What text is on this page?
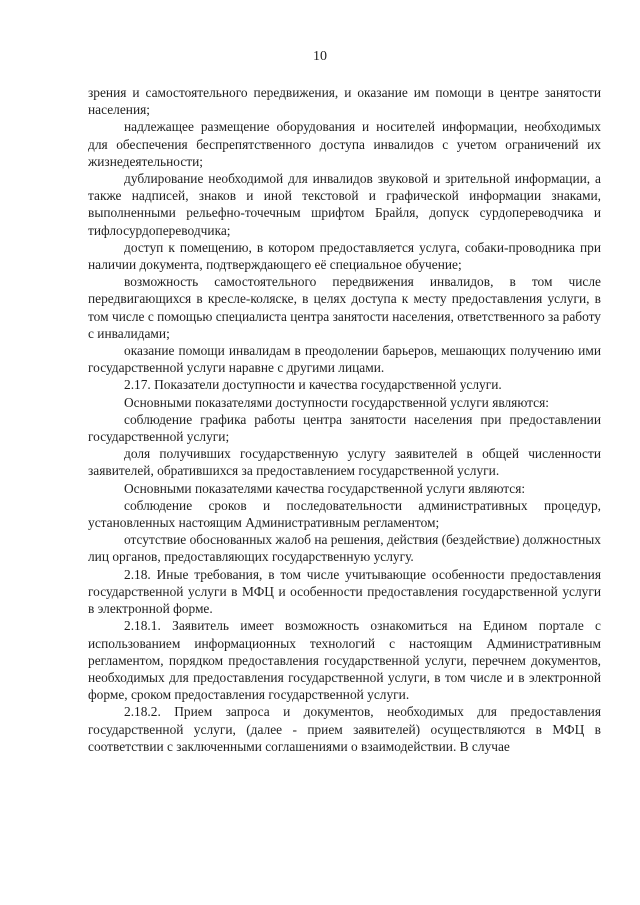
10

зрения и самостоятельного передвижения, и оказание им помощи в центре занятости населения;

надлежащее размещение оборудования и носителей информации, необходимых для обеспечения беспрепятственного доступа инвалидов с учетом ограничений их жизнедеятельности;

дублирование необходимой для инвалидов звуковой и зрительной информации, а также надписей, знаков и иной текстовой и графической информации знаками, выполненными рельефно-точечным шрифтом Брайля, допуск сурдопереводчика и тифлосурдопереводчика;

доступ к помещению, в котором предоставляется услуга, собаки-проводника при наличии документа, подтверждающего её специальное обучение;

возможность самостоятельного передвижения инвалидов, в том числе передвигающихся в кресле-коляске, в целях доступа к месту предоставления услуги, в том числе с помощью специалиста центра занятости населения, ответственного за работу с инвалидами;

оказание помощи инвалидам в преодолении барьеров, мешающих получению ими государственной услуги наравне с другими лицами.

2.17. Показатели доступности и качества государственной услуги.

Основными показателями доступности государственной услуги являются:

соблюдение графика работы центра занятости населения при предоставлении государственной услуги;

доля получивших государственную услугу заявителей в общей численности заявителей, обратившихся за предоставлением государственной услуги.

Основными показателями качества государственной услуги являются:

соблюдение сроков и последовательности административных процедур, установленных настоящим Административным регламентом;

отсутствие обоснованных жалоб на решения, действия (бездействие) должностных лиц органов, предоставляющих государственную услугу.

2.18. Иные требования, в том числе учитывающие особенности предоставления государственной услуги в МФЦ и особенности предоставления государственной услуги в электронной форме.

2.18.1. Заявитель имеет возможность ознакомиться на Едином портале с использованием информационных технологий с настоящим Административным регламентом, порядком предоставления государственной услуги, перечнем документов, необходимых для предоставления государственной услуги, в том числе и в электронной форме, сроком предоставления государственной услуги.

2.18.2. Прием запроса и документов, необходимых для предоставления государственной услуги, (далее - прием заявителей) осуществляются в МФЦ в соответствии с заключенными соглашениями о взаимодействии. В случае
